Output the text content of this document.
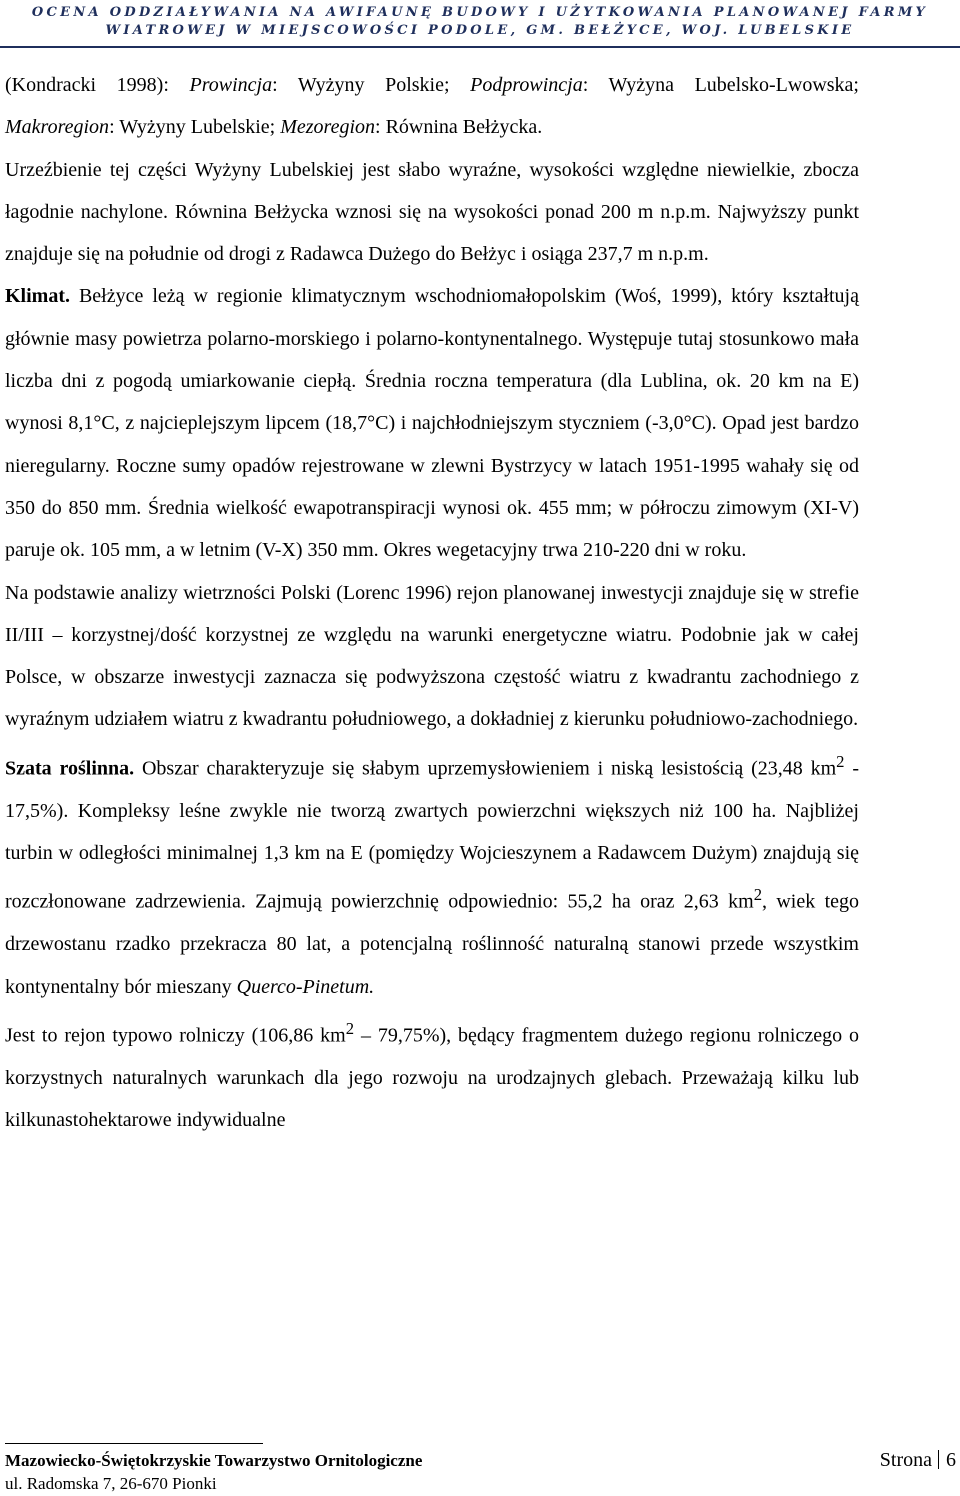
OCENA ODDZIAŁYWANIA NA AWIFAUNĘ BUDOWY I UŻYTKOWANIA PLANOWANEJ FARMY
WIATROWEJ W MIEJSCOWOŚCI PODOLE, GM. BEŁŻYCE, WOJ. LUBELSKIE

(Kondracki 1998): Prowincja: Wyżyny Polskie; Podprowincja: Wyżyna Lubelsko-Lwowska; Makroregion: Wyżyny Lubelskie; Mezoregion: Równina Bełżycka.

Urzeźbienie tej części Wyżyny Lubelskiej jest słabo wyraźne, wysokości względne niewielkie, zbocza łagodnie nachylone. Równina Bełżycka wznosi się na wysokości ponad 200 m n.p.m. Najwyższy punkt znajduje się na południe od drogi z Radawca Dużego do Bełżyc i osiąga 237,7 m n.p.m.

Klimat. Bełżyce leżą w regionie klimatycznym wschodniomałopolskim (Woś, 1999), który kształtują głównie masy powietrza polarno-morskiego i polarno-kontynentalnego. Występuje tutaj stosunkowo mała liczba dni z pogodą umiarkowanie ciepłą. Średnia roczna temperatura (dla Lublina, ok. 20 km na E) wynosi 8,1°C, z najcieplejszym lipcem (18,7°C) i najchłodniejszym styczniem (-3,0°C). Opad jest bardzo nieregularny. Roczne sumy opadów rejestrowane w zlewni Bystrzycy w latach 1951-1995 wahały się od 350 do 850 mm. Średnia wielkość ewapotranspiracji wynosi ok. 455 mm; w półroczu zimowym (XI-V) paruje ok. 105 mm, a w letnim (V-X) 350 mm. Okres wegetacyjny trwa 210-220 dni w roku.

Na podstawie analizy wietrzności Polski (Lorenc 1996) rejon planowanej inwestycji znajduje się w strefie II/III – korzystnej/dość korzystnej ze względu na warunki energetyczne wiatru. Podobnie jak w całej Polsce, w obszarze inwestycji zaznacza się podwyższona częstość wiatru z kwadrantu zachodniego z wyraźnym udziałem wiatru z kwadrantu południowego, a dokładniej z kierunku południowo-zachodniego.

Szata roślinna. Obszar charakteryzuje się słabym uprzemysłowieniem i niską lesistością (23,48 $km^2 - 17,5\%$). Kompleksy leśne zwykle nie tworzą zwartych powierzchni większych niż 100 ha. Najbliżej turbin w odległości minimalnej 1,3 km na E (pomiędzy Wojcieszynem a Radawcem Dużym) znajdują się rozczłonowane zadrzewienia. Zajmują powierzchnię odpowiednio: 55,2 ha oraz 2,63 $km^2$, wiek tego drzewostanu rzadko przekracza 80 lat, a potencjalną roślinność naturalną stanowi przede wszystkim kontynentalny bór mieszany Querco-Pinetum.

Jest to rejon typowo rolniczy (106,86 $km^2 - 79,75\%$), będący fragmentem dużego regionu rolniczego o korzystnych naturalnych warunkach dla jego rozwoju na urodzajnych glebach. Przeważają kilku lub kilkunastohektarowe indywidualne

Mazowiecko-Świętokrzyskie Towarzystwo Ornitologiczne
ul. Radomska 7, 26-670 Pionki
Strona 6
